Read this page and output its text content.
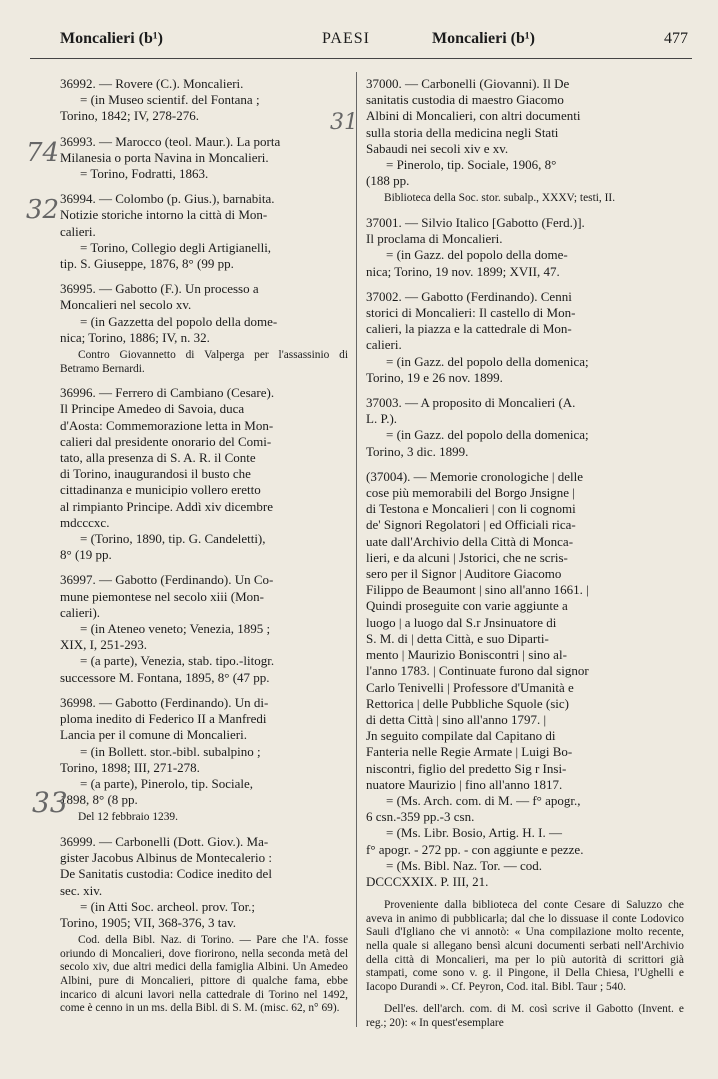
Moncalieri (b¹)	PAESI	Moncalieri (b¹)	477
36992. — Rovere (C.). Moncalieri.
= (in Museo scientif. del Fontana ;
Torino, 1842; IV, 278-276.
36993. — Marocco (teol. Maur.). La porta
Milanesia o porta Navina in Moncalieri.
= Torino, Fodratti, 1863.
36994. — Colombo (p. Gius.), barnabita.
Notizie storiche intorno la città di Mon-
calieri.
= Torino, Collegio degli Artigianelli,
tip. S. Giuseppe, 1876, 8° (99 pp.
36995. — Gabotto (F.). Un processo a
Moncalieri nel secolo xv.
= (in Gazzetta del popolo della dome-
nica; Torino, 1886; IV, n. 32.
Contro Giovannetto di Valperga per l'assassinio di Betramo Bernardi.
36996. — Ferrero di Cambiano (Cesare).
Il Principe Amedeo di Savoia, duca
d'Aosta: Commemorazione letta in Mon-
calieri dal presidente onorario del Comi-
tato, alla presenza di S. A. R. il Conte
di Torino, inaugurandosi il busto che
cittadinanza e municipio vollero eretto
al rimpianto Principe. Addì xiv dicembre
mdcccxc.
= (Torino, 1890, tip. G. Candeletti),
8° (19 pp.
36997. — Gabotto (Ferdinando). Un Co-
mune piemontese nel secolo xiii (Mon-
calieri).
= (in Ateneo veneto; Venezia, 1895 ;
XIX, I, 251-293.
= (a parte), Venezia, stab. tipo.-litogr.
successore M. Fontana, 1895, 8° (47 pp.
36998. — Gabotto (Ferdinando). Un di-
ploma inedito di Federico II a Manfredi
Lancia per il comune di Moncalieri.
= (in Bollett. stor.-bibl. subalpino ;
Torino, 1898; III, 271-278.
= (a parte), Pinerolo, tip. Sociale,
1898, 8° (8 pp.
Del 12 febbraio 1239.
36999. — Carbonelli (Dott. Giov.). Ma-
gister Jacobus Albinus de Montecalerio :
De Sanitatis custodia: Codice inedito del
sec. xiv.
= (in Atti Soc. archeol. prov. Tor.;
Torino, 1905; VII, 368-376, 3 tav.
Cod. della Bibl. Naz. di Torino. — Pare che l'A. fosse oriundo di Moncalieri, dove fiorirono, nella seconda metà del secolo xiv, due altri medici della famiglia Albini. Un Amedeo Albini, pure di Moncalieri, pittore di qualche fama, ebbe incarico di alcuni lavori nella cattedrale di Torino nel 1492, come è cenno in un ms. della Bibl. di S. M. (misc. 62, n° 69).
37000. — Carbonelli (Giovanni). Il De
sanitatis custodia di maestro Giacomo
Albini di Moncalieri, con altri documenti
sulla storia della medicina negli Stati
Sabaudi nei secoli xiv e xv.
= Pinerolo, tip. Sociale, 1906, 8°
(188 pp.
Biblioteca della Soc. stor. subalp., XXXV; testi, II.
37001. — Silvio Italico [Gabotto (Ferd.)].
Il proclama di Moncalieri.
= (in Gazz. del popolo della dome-
nica; Torino, 19 nov. 1899; XVII, 47.
37002. — Gabotto (Ferdinando). Cenni
storici di Moncalieri: Il castello di Mon-
calieri, la piazza e la cattedrale di Mon-
calieri.
= (in Gazz. del popolo della domenica;
Torino, 19 e 26 nov. 1899.
37003. — A proposito di Moncalieri (A.
L. P.).
= (in Gazz. del popolo della domenica;
Torino, 3 dic. 1899.
(37004). — Memorie cronologiche | delle
cose più memorabili del Borgo Jnsigne |
di Testona e Moncalieri | con li cognomi
de' Signori Regolatori | ed Officiali rica-
uate dall'Archivio della Città di Monca-
lieri, e da alcuni | Jstorici, che ne scris-
sero per il Signor | Auditore Giacomo
Filippo de Beaumont | sino all'anno 1661. |
Quindi proseguite con varie aggiunte a
luogo | a luogo dal S.r Jnsinuatore di
S. M. di | detta Città, e suo Diparti-
mento | Maurizio Boniscontri | sino al-
l'anno 1783. | Continuate furono dal signor
Carlo Tenivelli | Professore d'Umanità e
Rettorica | delle Pubbliche Squole (sic)
di detta Città | sino all'anno 1797. |
Jn seguito compilate dal Capitano di
Fanteria nelle Regie Armate | Luigi Bo-
niscontri, figlio del predetto Sig r Insi-
nuatore Maurizio | fino all'anno 1817.
= (Ms. Arch. com. di M. — f° apogr.,
6 csn.-359 pp.-3 csn.
= (Ms. Libr. Bosio, Artig. H. I. —
f° apogr. - 272 pp. - con aggiunte e pezze.
= (Ms. Bibl. Naz. Tor. — cod.
DCCCXXIX. P. III, 21.
Proveniente dalla biblioteca del conte Cesare di Saluzzo che aveva in animo di pubblicarla; dal che lo dissuase il conte Lodovico Sauli d'Igliano che vi annotò: « Una compilazione molto recente, nella quale si allegano bensì alcuni documenti serbati nell'Archivio della città di Moncalieri, ma per lo più autorità di scrittori già stampati, come sono v. g. il Pingone, il Della Chiesa, l'Ughelli e Iacopo Durandi ». Cf. Peyron, Cod. ital. Bibl. Taur ; 540.
Dell'es. dell'arch. com. di M. così scrive il Gabotto (Invent. e reg.; 20): « In quest'esemplare
74
32
31
33
